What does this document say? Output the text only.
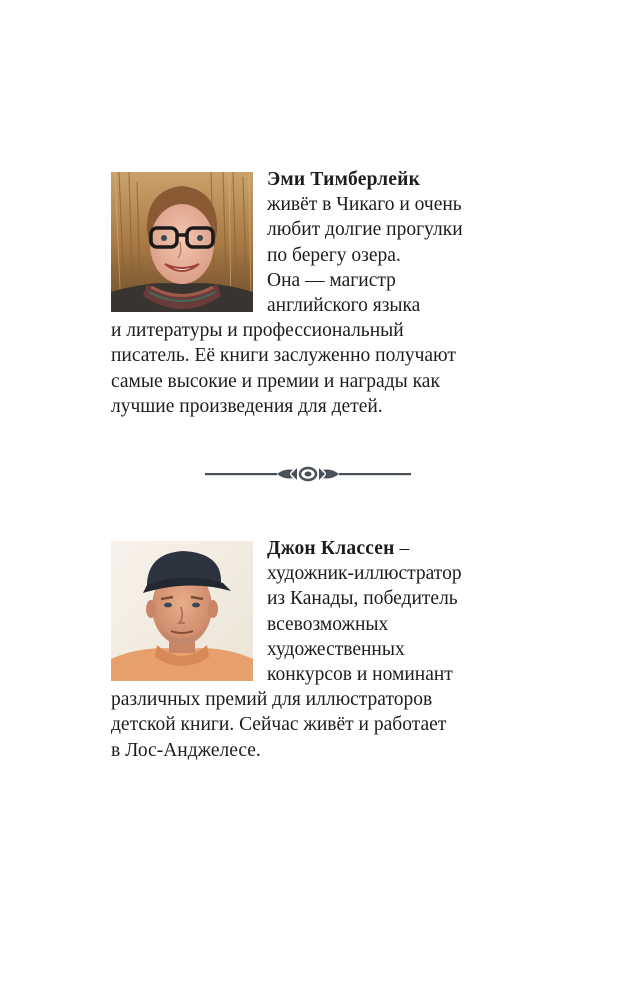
Эми Тимберлейк
живёт в Чикаго и очень
любит долгие прогулки
по берегу озера.
Она — магистр
английского языка
и литературы и профессиональный
писатель. Её книги заслуженно получают
самые высокие и премии и награды как
лучшие произведения для детей.
Джон Классен –
художник-иллюстратор
из Канады, победитель
всевозможных
художественных
конкурсов и номинант
различных премий для иллюстраторов
детской книги. Сейчас живёт и работает
в Лос-Анджелесе.
